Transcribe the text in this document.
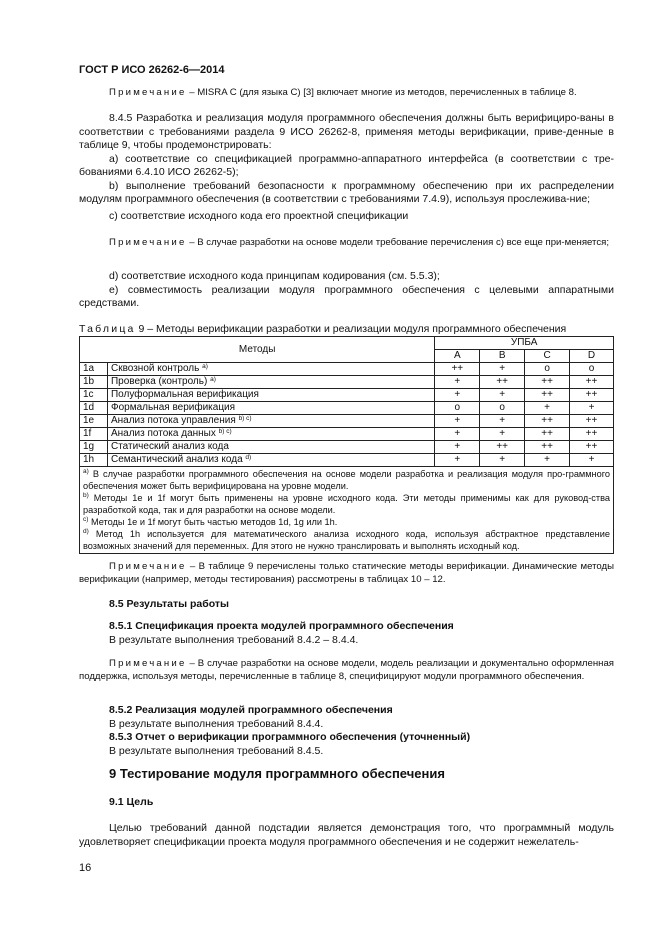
ГОСТ Р ИСО 26262-6—2014

Примечание – MISRA C (для языка C) [3] включает многие из методов, перечисленных в таблице 8.

8.4.5 Разработка и реализация модуля программного обеспечения должны быть верифициро-ваны в соответствии с требованиями раздела 9 ИСО 26262-8, применяя методы верификации, приве-денные в таблице 9, чтобы продемонстрировать:

a) соответствие со спецификацией программно-аппаратного интерфейса (в соответствии с тре-бованиями 6.4.10 ИСО 26262-5);

b) выполнение требований безопасности к программному обеспечению при их распределении модулям программного обеспечения (в соответствии с требованиями 7.4.9), используя прослежива-ние;

c) соответствие исходного кода его проектной спецификации

Примечание – В случае разработки на основе модели требование перечисления c) все еще при-меняется;

d) соответствие исходного кода принципам кодирования (см. 5.5.3);

e) совместимость реализации модуля программного обеспечения с целевыми аппаратными средствами.

Таблица 9 – Методы верификации разработки и реализации модуля программного обеспечения
Методы		УПБА			
		A	B	C	D
1a	Сквозной контроль $^{a)}$	++	+	o	o
1b	Проверка (контроль) $^{a)}$	+	++	++	++
1c	Полуформальная верификация	+	+	++	++
1d	Формальная верификация	o	o	+	+
1e	Анализ потока управления $^{b) c)}$	+	+	++	++
1f	Анализ потока данных $^{b) c)}$	+	+	++	++
1g	Статический анализ кода	+	++	++	++
1h	Семантический анализ кода $^{d)}$	+	+	+	+

$^{a)}$ В случае разработки программного обеспечения на основе модели разработка и реализация модуля про-граммного обеспечения может быть верифицирована на уровне модели.
$^{b)}$ Методы 1e и 1f могут быть применены на уровне исходного кода. Эти методы применимы как для руковод-ства разработкой кода, так и для разработки на основе модели.
$^{c)}$ Методы 1e и 1f могут быть частью методов 1d, 1g или 1h.
$^{d)}$ Метод 1h используется для математического анализа исходного кода, используя абстрактное представление возможных значений для переменных. Для этого не нужно транслировать и выполнять исходный код.					

Примечание – В таблице 9 перечислены только статические методы верификации. Динамические методы верификации (например, методы тестирования) рассмотрены в таблицах 10 – 12.

8.5 Результаты работы

8.5.1 Спецификация проекта модулей программного обеспечения

В результате выполнения требований 8.4.2 – 8.4.4.

Примечание – В случае разработки на основе модели, модель реализации и документально оформленная поддержка, используя методы, перечисленные в таблице 8, специфицируют модули программного обеспечения.

8.5.2 Реализация модулей программного обеспечения

В результате выполнения требований 8.4.4.

8.5.3 Отчет о верификации программного обеспечения (уточненный)

В результате выполнения требований 8.4.5.

9 Тестирование модуля программного обеспечения

9.1 Цель

Целью требований данной подстадии является демонстрация того, что программный модуль удовлетворяет спецификации проекта модуля программного обеспечения и не содержит нежелатель-

16
